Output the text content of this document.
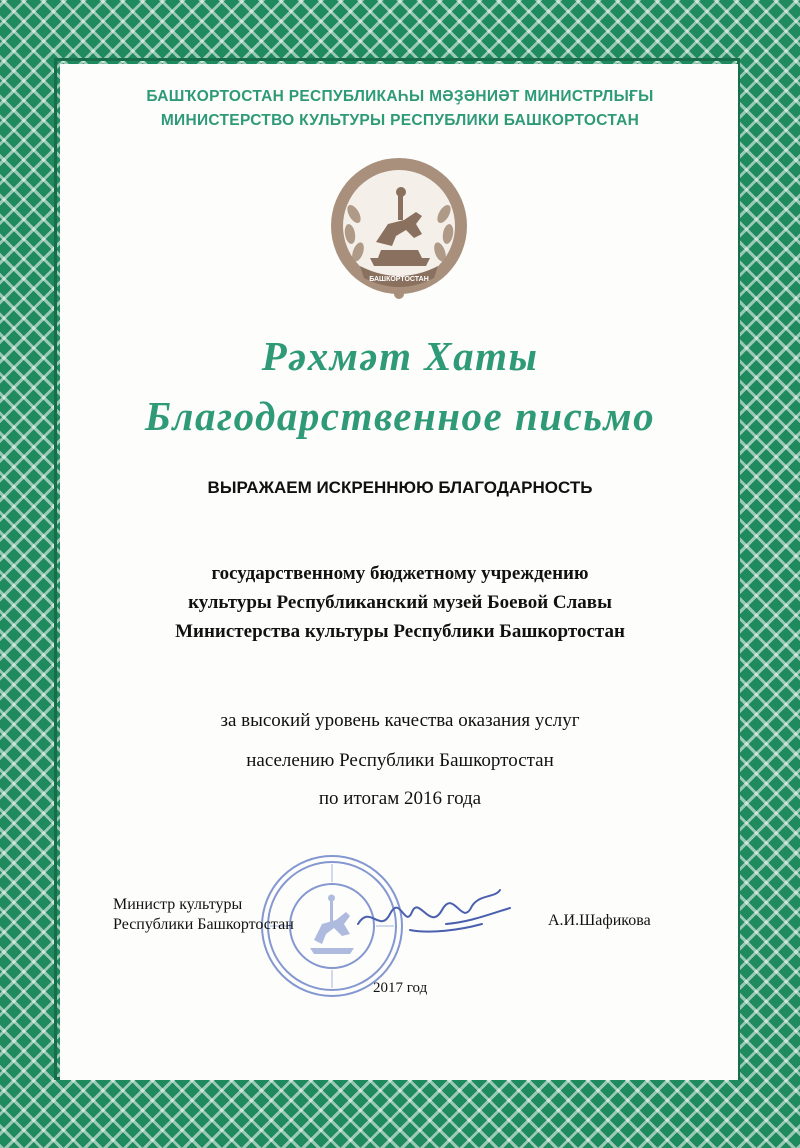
БАШҠОРТОСТАН РЕСПУБЛИКАҺЫ МӘҘӘНИӘТ МИНИСТРЛЫҒЫ
МИНИСТЕРСТВО КУЛЬТУРЫ РЕСПУБЛИКИ БАШКОРТОСТАН
БАШКОРТОСТАН
Рәхмәт Хаты
Благодарственное письмо
ВЫРАЖАЕМ ИСКРЕННЮЮ БЛАГОДАРНОСТЬ
государственному бюджетному учреждению
культуры Республиканский музей Боевой Славы
Министерства культуры Республики Башкортостан
за высокий уровень качества оказания услуг
населению Республики Башкортостан
по итогам 2016 года
Министр культуры
Республики Башкортостан	А.И.Шафикова
2017 год
